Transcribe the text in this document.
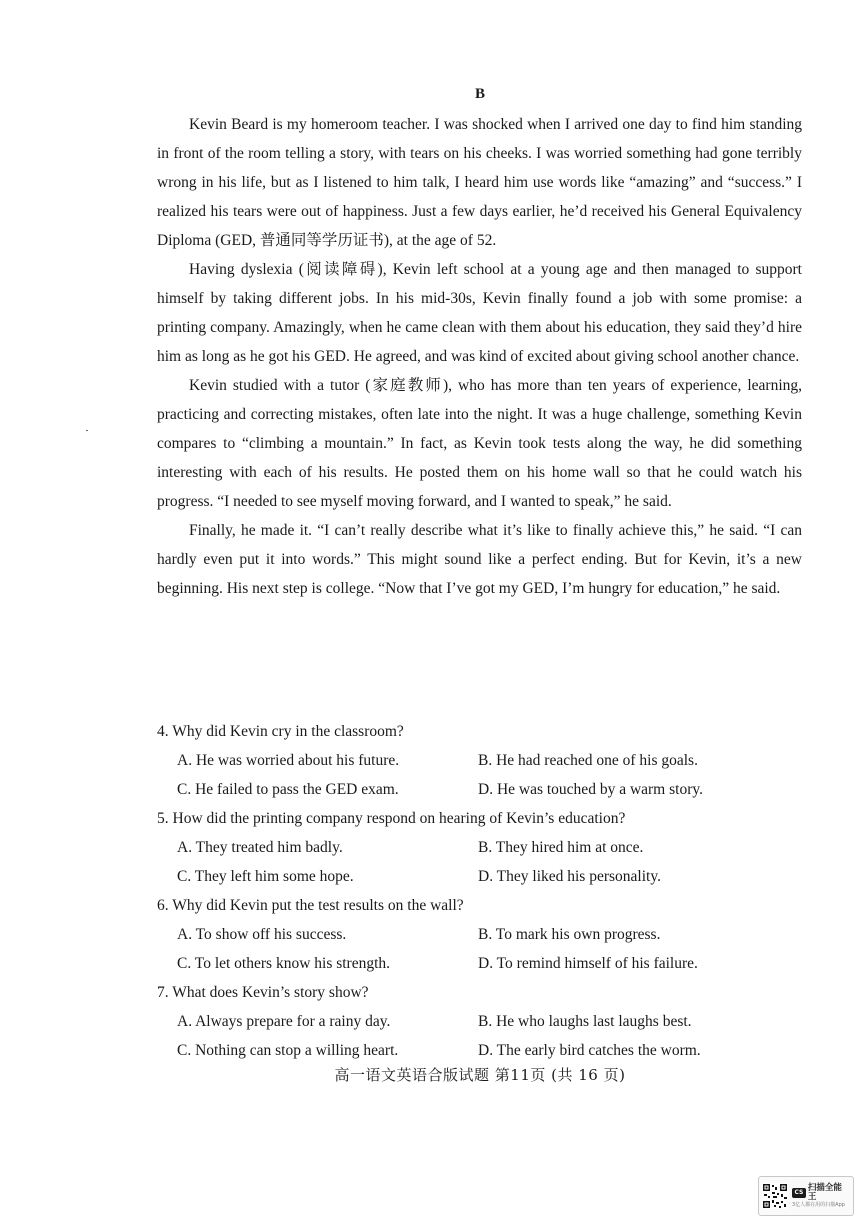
B

Kevin Beard is my homeroom teacher. I was shocked when I arrived one day to find him standing in front of the room telling a story, with tears on his cheeks. I was worried something had gone terribly wrong in his life, but as I listened to him talk, I heard him use words like “amazing” and “success.” I realized his tears were out of happiness. Just a few days earlier, he’d received his General Equivalency Diploma (GED, 普通同等学历证书), at the age of 52.

Having dyslexia (阅读障碍), Kevin left school at a young age and then managed to support himself by taking different jobs. In his mid-30s, Kevin finally found a job with some promise: a printing company. Amazingly, when he came clean with them about his education, they said they’d hire him as long as he got his GED. He agreed, and was kind of excited about giving school another chance.

Kevin studied with a tutor (家庭教师), who has more than ten years of experience, learning, practicing and correcting mistakes, often late into the night. It was a huge challenge, something Kevin compares to “climbing a mountain.” In fact, as Kevin took tests along the way, he did something interesting with each of his results. He posted them on his home wall so that he could watch his progress. “I needed to see myself moving forward, and I wanted to speak,” he said.

Finally, he made it. “I can’t really describe what it’s like to finally achieve this,” he said. “I can hardly even put it into words.” This might sound like a perfect ending. But for Kevin, it’s a new beginning. His next step is college. “Now that I’ve got my GED, I’m hungry for education,” he said.

4. Why did Kevin cry in the classroom?

A. He was worried about his future.	B. He had reached one of his goals.
C. He failed to pass the GED exam.	D. He was touched by a warm story.

5. How did the printing company respond on hearing of Kevin’s education?

A. They treated him badly.	B. They hired him at once.
C. They left him some hope.	D. They liked his personality.

6. Why did Kevin put the test results on the wall?

A. To show off his success.	B. To mark his own progress.
C. To let others know his strength.	D. To remind himself of his failure.

7. What does Kevin’s story show?

A. Always prepare for a rainy day.	B. He who laughs last laughs best.
C. Nothing can stop a willing heart.	D. The early bird catches the worm.
高一语文英语合版试题 第11页 (共 16 页)
CS 扫描全能王
3亿人都在用的扫描App
